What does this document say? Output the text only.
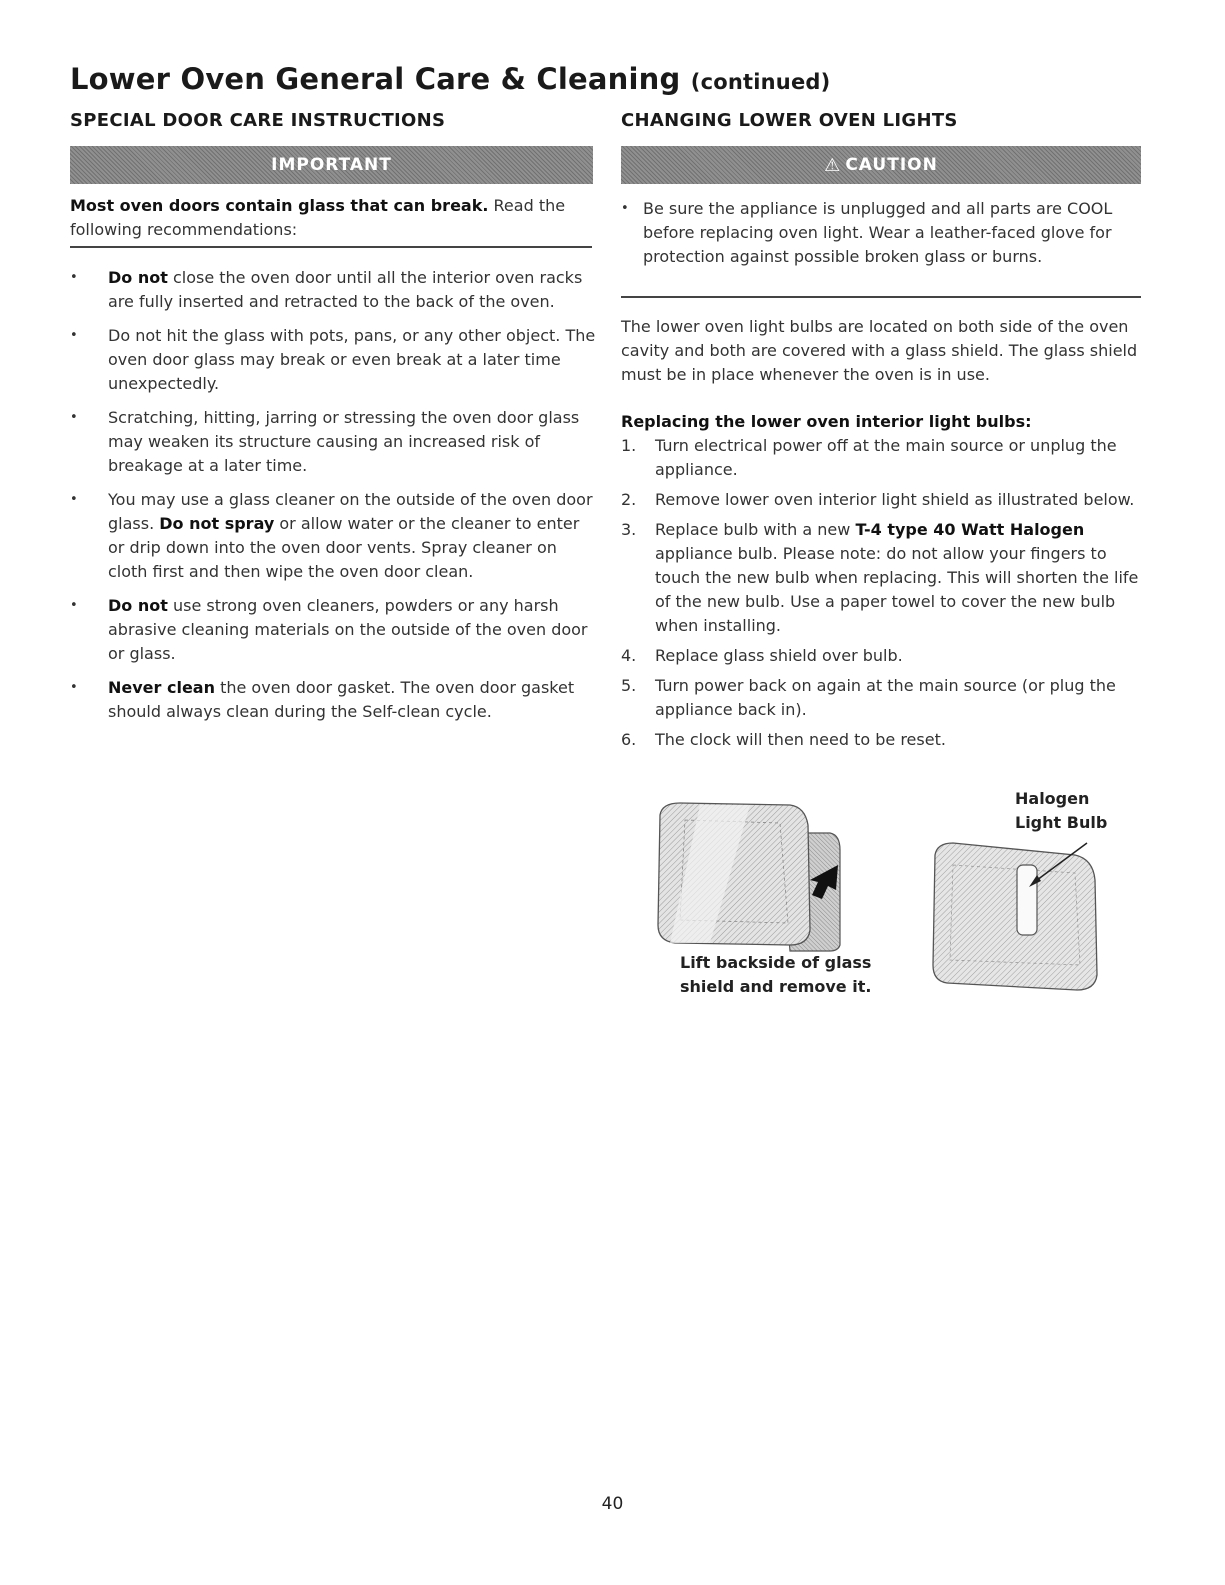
Lower Oven General Care & Cleaning (continued)
SPECIAL DOOR CARE INSTRUCTIONS
IMPORTANT
Most oven doors contain glass that can break. Read the following recommendations:
• Do not close the oven door until all the interior oven racks are fully inserted and retracted to the back of the oven.
• Do not hit the glass with pots, pans, or any other object. The oven door glass may break or even break at a later time unexpectedly.
• Scratching, hitting, jarring or stressing the oven door glass may weaken its structure causing an increased risk of breakage at a later time.
• You may use a glass cleaner on the outside of the oven door glass. Do not spray or allow water or the cleaner to enter or drip down into the oven door vents. Spray cleaner on cloth first and then wipe the oven door clean.
• Do not use strong oven cleaners, powders or any harsh abrasive cleaning materials on the outside of the oven door or glass.
• Never clean the oven door gasket. The oven door gasket should always clean during the Self-clean cycle.
CHANGING LOWER OVEN LIGHTS
⚠ CAUTION
• Be sure the appliance is unplugged and all parts are COOL before replacing oven light. Wear a leather-faced glove for protection against possible broken glass or burns.
The lower oven light bulbs are located on both side of the oven cavity and both are covered with a glass shield. The glass shield must be in place whenever the oven is in use.
Replacing the lower oven interior light bulbs:
1. Turn electrical power off at the main source or unplug the appliance.
2. Remove lower oven interior light shield as illustrated below.
3. Replace bulb with a new T-4 type 40 Watt Halogen appliance bulb. Please note: do not allow your fingers to touch the new bulb when replacing. This will shorten the life of the new bulb. Use a paper towel to cover the new bulb when installing.
4. Replace glass shield over bulb.
5. Turn power back on again at the main source (or plug the appliance back in).
6. The clock will then need to be reset.
Lift backside of glass shield and remove it.
Halogen Light Bulb
40
